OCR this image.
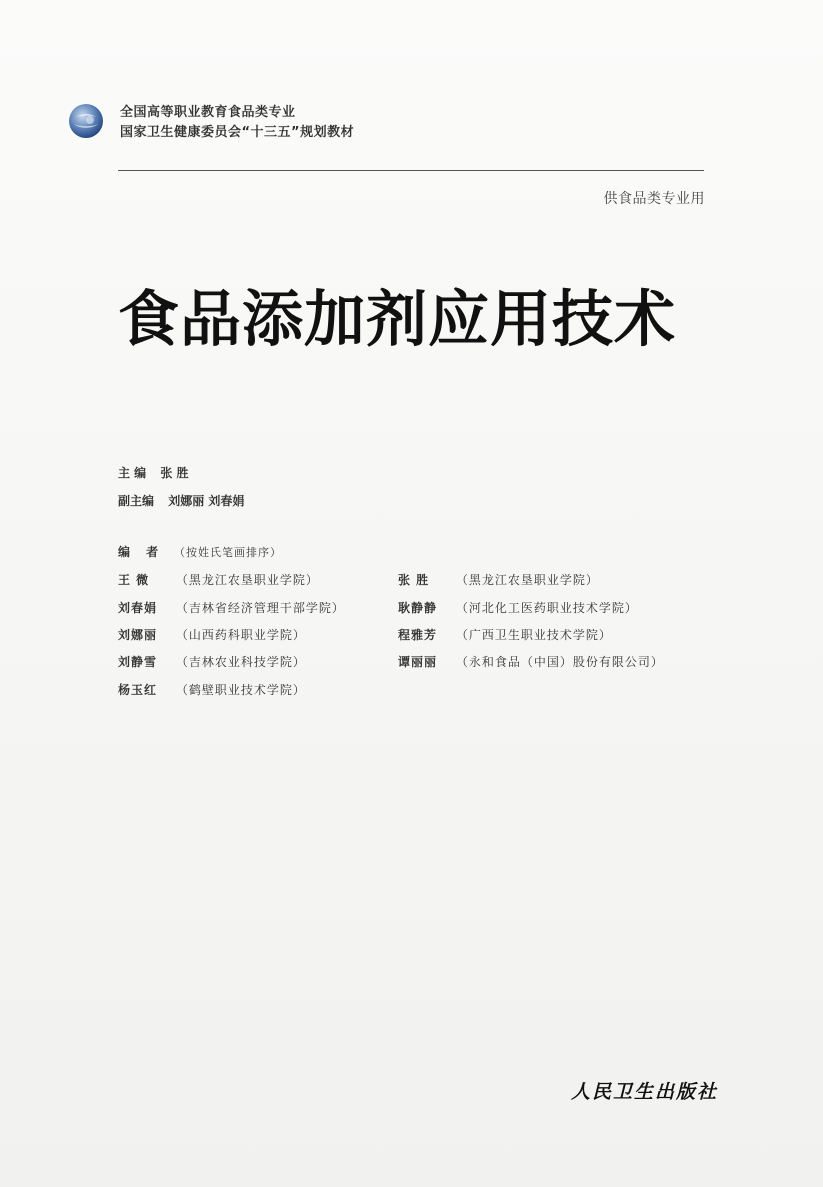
全国高等职业教育食品类专业
国家卫生健康委员会“十三五”规划教材
供食品类专业用
食品添加剂应用技术
主 编 张 胜
副主编 刘娜丽 刘春娟
编 者 （按姓氏笔画排序）
王 微 （黑龙江农垦职业学院）
刘春娟 （吉林省经济管理干部学院）
刘娜丽 （山西药科职业学院）
刘静雪 （吉林农业科技学院）
杨玉红 （鹤壁职业技术学院）
张 胜 （黑龙江农垦职业学院）
耿静静 （河北化工医药职业技术学院）
程雅芳 （广西卫生职业技术学院）
谭丽丽 （永和食品（中国）股份有限公司）
人民卫生出版社
